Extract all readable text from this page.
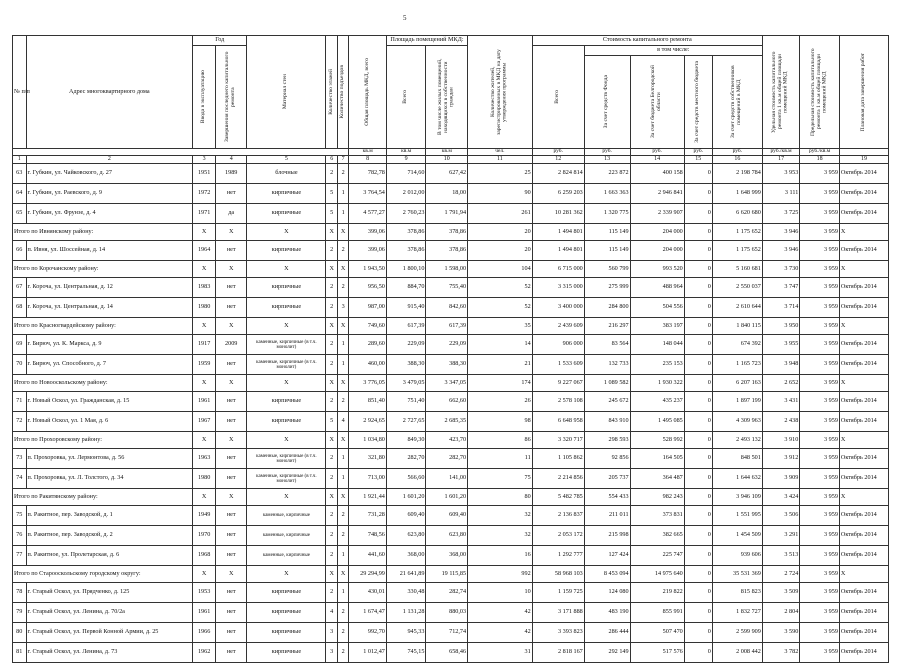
5
№ п/п	Адрес многоквартирного дома	Год		Материал стен	Количество этажей	Количество подъездов	Общая площадь МКД, всего	Площадь помещений МКД:		Количество жителей, зарегистрированных в МКД на дату утверждения программы	Стоимость капитального ремонта					Удельная стоимость капитального ремонта 1 кв.м общей площади помещений МКД	Предельная стоимость капитального ремонта 1 кв.м общей площади помещений МКД	Плановая дата завершения работ

		Ввода в эксплуатацию	Завершения последнего капитального ремонта					Всего	В том числе жилых помещений, находящихся в собственности граждан		Всего	в том числе:						

												За счет средств Фонда	За счет бюджета Белгородской области	За счет средств местного бюджета	За счет средств собственников помещений в МКД			

							кв.м	кв.м	кв.м	чел.	руб.	руб.	руб.	руб.	руб.	руб./кв.м	руб./кв.м	
1	2	3	4	5	6	7	8	9	10	11	12	13	14	15	16	17	18	19
63	г. Губкин, ул. Чайковского, д. 27	1951	1989	блочные	2	2	782,78	714,60	627,42	25	2 824 814	223 872	400 158	0	2 198 784	3 953	3 959	Октябрь 2014
64	г. Губкин, ул. Раевского, д. 9	1972	нет	кирпичные	5	1	3 764,54	2 012,00	18,00	90	6 259 203	1 663 363	2 946 841	0	1 648 999	3 111	3 959	Октябрь 2014
65	г. Губкин, ул. Фрунзе, д. 4	1971	да	кирпичные	5	1	4 577,27	2 760,23	1 791,94	261	10 281 362	1 320 775	2 339 907	0	6 620 680	3 725	3 959	Октябрь 2014
Итого по Ивнянскому району:		X	X	X	X	X	399,06	378,86	378,86	20	1 494 801	115 149	204 000	0	1 175 652	3 946	3 959	X
66	п. Ивня, ул. Шоссейная, д. 14	1964	нет	кирпичные	2	2	399,06	378,86	378,86	20	1 494 801	115 149	204 000	0	1 175 652	3 946	3 959	Октябрь 2014
Итого по Корочанскому району:		X	X	X	X	X	1 943,50	1 800,10	1 598,00	104	6 715 000	560 799	993 520	0	5 160 681	3 730	3 959	X
67	г. Короча, ул. Центральная, д. 12	1983	нет	кирпичные	2	2	956,50	884,70	755,40	52	3 315 000	275 999	488 964	0	2 550 037	3 747	3 959	Октябрь 2014
68	г. Короча, ул. Центральная, д. 14	1980	нет	кирпичные	2	3	987,00	915,40	842,60	52	3 400 000	284 800	504 556	0	2 610 644	3 714	3 959	Октябрь 2014
Итого по Красногвардейскому району:		X	X	X	X	X	749,60	617,39	617,39	35	2 439 609	216 297	383 197	0	1 840 115	3 950	3 959	X
69	г. Бирюч, ул. К. Маркса, д. 9	1917	2009	каменные, кирпичные (в т.ч. монолит)	2	1	289,60	229,09	229,09	14	906 000	83 564	148 044	0	674 392	3 955	3 959	Октябрь 2014
70	г. Бирюч, ул. Способного, д. 7	1959	нет	каменные, кирпичные (в т.ч. монолит)	2	1	460,00	388,30	388,30	21	1 533 609	132 733	235 153	0	1 165 723	3 948	3 959	Октябрь 2014
Итого по Новооскольскому району:		X	X	X	X	X	3 776,05	3 479,05	3 347,05	174	9 227 067	1 089 582	1 930 322	0	6 207 163	2 652	3 959	X
71	г. Новый Оскол, ул. Гражданская, д. 15	1961	нет	кирпичные	2	2	851,40	751,40	662,60	26	2 578 108	245 672	435 237	0	1 897 199	3 431	3 959	Октябрь 2014
72	г. Новый Оскол, ул. 1 Мая, д. 6	1967	нет	кирпичные	5	4	2 924,65	2 727,65	2 685,35	98	6 648 958	843 910	1 495 085	0	4 309 963	2 438	3 959	Октябрь 2014
Итого по Прохоровскому району:		X	X	X	X	X	1 034,80	849,30	423,70	86	3 320 717	298 593	528 992	0	2 493 132	3 910	3 959	X
73	п. Прохоровка, ул. Лермонтова, д. 56	1963	нет	каменные, кирпичные (в т.ч. монолит)	2	1	321,80	282,70	282,70	11	1 105 862	92 856	164 505	0	848 501	3 912	3 959	Октябрь 2014
74	п. Прохоровка, ул. Л. Толстого, д. 34	1980	нет	каменные, кирпичные (в т.ч. монолит)	2	1	713,00	566,60	141,00	75	2 214 856	205 737	364 487	0	1 644 632	3 909	3 959	Октябрь 2014
Итого по Ракитянскому району:		X	X	X	X	X	1 921,44	1 601,20	1 601,20	80	5 482 785	554 433	982 243	0	3 946 109	3 424	3 959	X
75	п. Ракитное, пер. Заводской, д. 1	1949	нет	каменные, кирпичные	2	2	731,28	609,40	609,40	32	2 136 837	211 011	373 831	0	1 551 995	3 506	3 959	Октябрь 2014
76	п. Ракитное, пер. Заводской, д. 2	1970	нет	каменные, кирпичные	2	2	748,56	623,80	623,80	32	2 053 172	215 998	382 665	0	1 454 509	3 291	3 959	Октябрь 2014
77	п. Ракитное, ул. Пролетарская, д. 6	1968	нет	каменные, кирпичные	2	1	441,60	368,00	368,00	16	1 292 777	127 424	225 747	0	939 606	3 513	3 959	Октябрь 2014
Итого по Старооскольскому городскому округу:		X	X	X	X	X	29 294,99	21 641,89	19 115,85	992	58 968 103	8 453 094	14 975 640	0	35 531 369	2 724	3 959	X
78	г. Старый Оскол, ул. Прядченко, д. 125	1953	нет	кирпичные	2	1	430,01	330,48	282,74	10	1 159 725	124 080	219 822	0	815 823	3 509	3 959	Октябрь 2014
79	г. Старый Оскол, ул. Ленина, д. 70/2а	1961	нет	кирпичные	4	2	1 674,47	1 131,28	880,03	42	3 171 888	483 190	855 991	0	1 832 727	2 804	3 959	Октябрь 2014
80	г. Старый Оскол, ул. Первой Конной Армии, д. 25	1966	нет	кирпичные	3	2	992,70	945,33	712,74	42	3 393 823	286 444	507 470	0	2 599 909	3 590	3 959	Октябрь 2014
81	г. Старый Оскол, ул. Ленина, д. 73	1962	нет	кирпичные	3	2	1 012,47	745,15	658,46	31	2 818 167	292 149	517 576	0	2 008 442	3 782	3 959	Октябрь 2014
